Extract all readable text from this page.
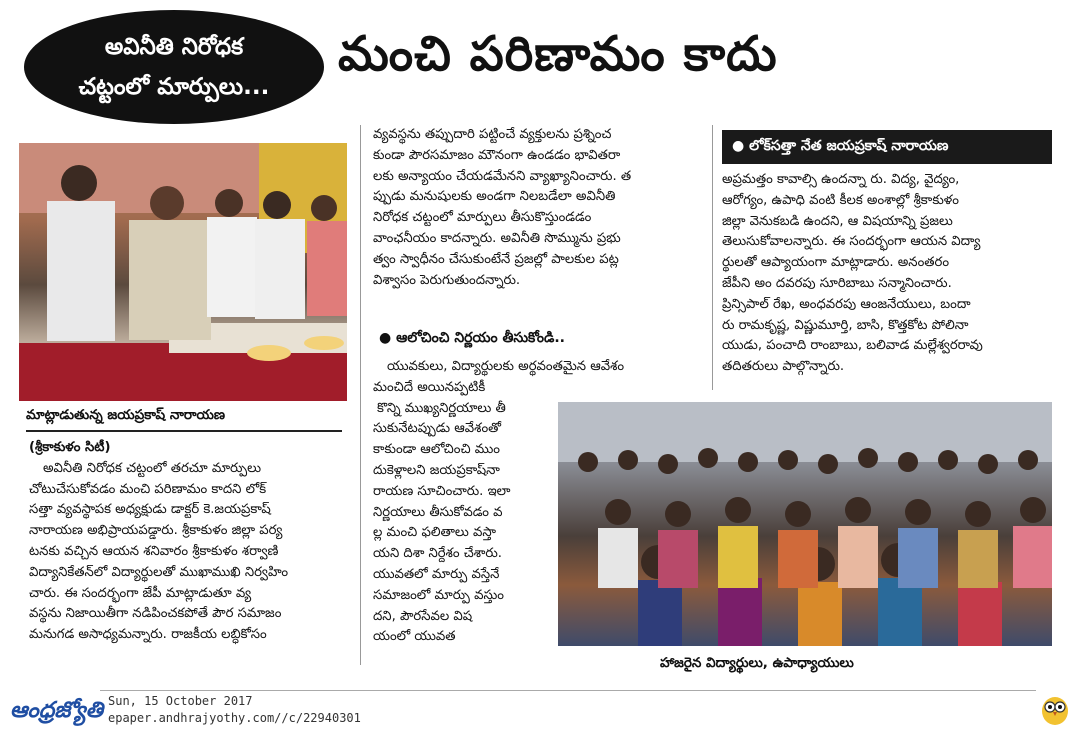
అవినీతి నిరోధక
చట్టంలో మార్పులు...
మంచి పరిణామం కాదు
మాట్లాడుతున్న జయప్రకాష్ నారాయణ

(శ్రీకాకుళం సిటీ)

అవినీతి నిరోధక చట్టంలో తరచూ మార్పులు

చోటుచేసుకోవడం మంచి పరిణామం కాదని లోక్

సత్తా వ్యవస్థాపక అధ్యక్షుడు డాక్టర్ కె.జయప్రకాష్

నారాయణ అభిప్రాయపడ్డారు. శ్రీకాకుళం జిల్లా పర్య

టనకు వచ్చిన ఆయన శనివారం శ్రీకాకుళం శర్వాణి

విద్యానికేతన్‌లో విద్యార్థులతో ముఖాముఖి నిర్వహిం

చారు. ఈ సందర్భంగా జేపీ మాట్లాడుతూ వ్య

వస్థను నిజాయితీగా నడిపించకపోతే పౌర సమాజం

మనుగడ అసాధ్యమన్నారు. రాజకీయ లబ్ధికోసం

వ్యవస్థను తప్పుదారి పట్టించే వ్యక్తులను ప్రశ్నించ

కుండా పౌరసమాజం మౌనంగా ఉండడం భావితరా

లకు అన్యాయం చేయడమేనని వ్యాఖ్యానించారు. త

ప్పుడు మనుషులకు అండగా నిలబడేలా అవినీతి

నిరోధక చట్టంలో మార్పులు తీసుకొస్తుండడం

వాంఛనీయం కాదన్నారు. అవినీతి సొమ్మును ప్రభు

త్వం స్వాధీనం చేసుకుంటేనే ప్రజల్లో పాలకుల పట్ల

విశ్వాసం పెరుగుతుందన్నారు.

● ఆలోచించి నిర్ణయం తీసుకోండి..

యువకులు, విద్యార్థులకు అర్థవంతమైన ఆవేశం

మంచిదే అయినప్పటికీ

కొన్ని ముఖ్యనిర్ణయాలు తీ

సుకునేటప్పుడు ఆవేశంతో

కాకుండా ఆలోచించి ముం

దుకెళ్లాలని జయప్రకాష్‌నా

రాయణ సూచించారు. ఇలా

నిర్ణయాలు తీసుకోవడం వ

ల్ల మంచి ఫలితాలు వస్తా

యని దిశా నిర్దేశం చేశారు.

యువతలో మార్పు వస్తేనే

సమాజంలో మార్పు వస్తుం

దని, పౌరసేవల విష

యంలో యువత

● లోక్‌సత్తా నేత జయప్రకాష్ నారాయణ

అప్రమత్తం కావాల్సి ఉందన్నా రు. విద్య, వైద్యం,

ఆరోగ్యం, ఉపాధి వంటి కీలక అంశాల్లో శ్రీకాకుళం

జిల్లా వెనుకబడి ఉందని, ఆ విషయాన్ని ప్రజలు

తెలుసుకోవాలన్నారు. ఈ సందర్భంగా ఆయన విద్యా

ర్థులతో ఆప్యాయంగా మాట్లాడారు. అనంతరం

జేపీని అం దవరపు సూరిబాబు సన్మానించారు.

ప్రిన్సిపాల్ రేఖ, అంధవరపు ఆంజనేయులు, బందా

రు రామకృష్ణ, విష్ణుమూర్తి, బాసి, కొత్తకోట పోలినా

యుడు, పంచాది రాంబాబు, బలివాడ మల్లేశ్వరరావు

తదితరులు పాల్గొన్నారు.

హాజరైన విద్యార్థులు, ఉపాధ్యాయులు
ఆంధ్రజ్యోతి Sun, 15 October 2017
epaper.andhrajyothy.com//c/22940301
